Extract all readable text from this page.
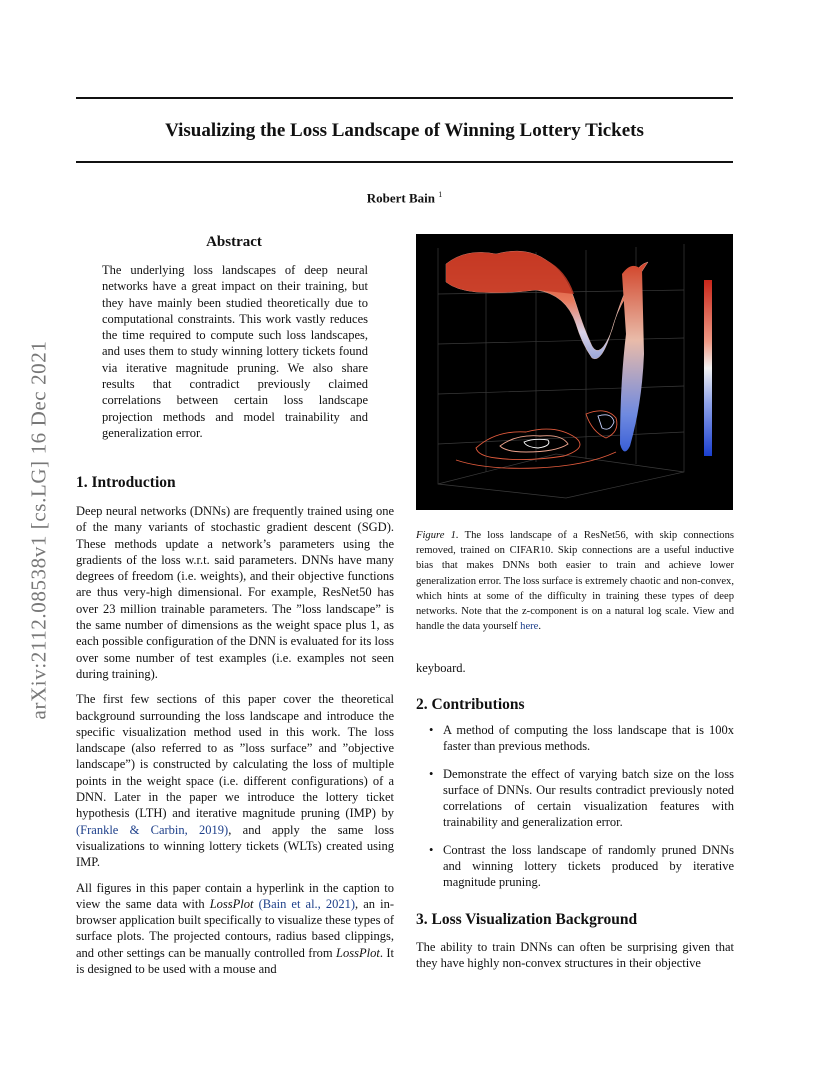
arXiv:2112.08538v1 [cs.LG] 16 Dec 2021
Visualizing the Loss Landscape of Winning Lottery Tickets
Robert Bain $^1$
Abstract
The underlying loss landscapes of deep neural networks have a great impact on their training, but they have mainly been studied theoretically due to computational constraints. This work vastly reduces the time required to compute such loss landscapes, and uses them to study winning lottery tickets found via iterative magnitude pruning. We also share results that contradict previously claimed correlations between certain loss landscape projection methods and model trainability and generalization error.
1. Introduction

Deep neural networks (DNNs) are frequently trained using one of the many variants of stochastic gradient descent (SGD). These methods update a network’s parameters using the gradients of the loss w.r.t. said parameters. DNNs have many degrees of freedom (i.e. weights), and their objective functions are thus very-high dimensional. For example, ResNet50 has over 23 million trainable parameters. The ”loss landscape” is the same number of dimensions as the weight space plus 1, as each possible configuration of the DNN is evaluated for its loss over some number of test examples (i.e. examples not seen during training).

The first few sections of this paper cover the theoretical background surrounding the loss landscape and introduce the specific visualization method used in this work. The loss landscape (also referred to as ”loss surface” and ”objective landscape”) is constructed by calculating the loss of multiple points in the weight space (i.e. different configurations) of a DNN. Later in the paper we introduce the lottery ticket hypothesis (LTH) and iterative magnitude pruning (IMP) by (Frankle & Carbin, 2019), and apply the same loss visualizations to winning lottery tickets (WLTs) created using IMP.

All figures in this paper contain a hyperlink in the caption to view the same data with LossPlot (Bain et al., 2021), an in-browser application built specifically to visualize these types of surface plots. The projected contours, radius based clippings, and other settings can be manually controlled from LossPlot. It is designed to be used with a mouse and

Figure 1. The loss landscape of a ResNet56, with skip connections removed, trained on CIFAR10. Skip connections are a useful inductive bias that makes DNNs both easier to train and achieve lower generalization error. The loss surface is extremely chaotic and non-convex, which hints at some of the difficulty in training these types of deep networks. Note that the z-component is on a natural log scale. View and handle the data yourself here.
keyboard.
2. Contributions
• A method of computing the loss landscape that is 100x faster than previous methods.
• Demonstrate the effect of varying batch size on the loss surface of DNNs. Our results contradict previously noted correlations of certain visualization features with trainability and generalization error.
• Contrast the loss landscape of randomly pruned DNNs and winning lottery tickets produced by iterative magnitude pruning.
3. Loss Visualization Background
The ability to train DNNs can often be surprising given that they have highly non-convex structures in their objective
